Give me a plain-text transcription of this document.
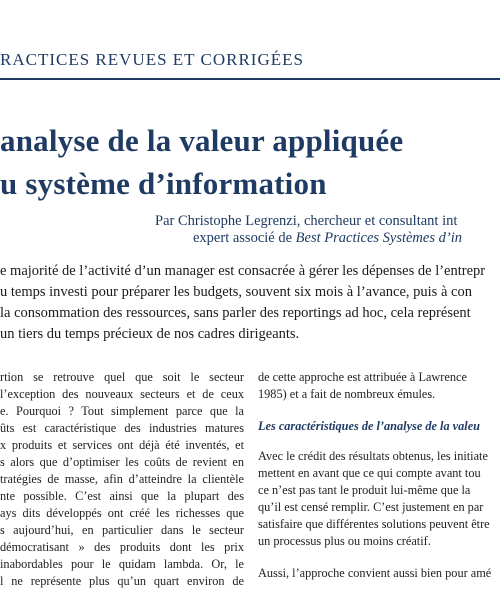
RACTICES REVUES ET CORRIGÉES
analyse de la valeur appliquée
u système d’information
Par Christophe Legrenzi, chercheur et consultant int
expert associé de Best Practices Systèmes d’in
e majorité de l’activité d’un manager est consacrée à gérer les dépenses de l’entrepr
u temps investi pour préparer les budgets, souvent six mois à l’avance, puis à con
la consommation des ressources, sans parler des reportings ad hoc, cela représent
un tiers du temps précieux de nos cadres dirigeants.
rtion se retrouve quel que soit le secteur
l’exception des nouveaux secteurs et de ceux
e. Pourquoi ? Tout simplement parce que la
ûts est caractéristique des industries matures
x produits et services ont déjà été inventés, et
s alors que d’optimiser les coûts de revient en
tratégies de masse, afin d’atteindre la clientèle
nte possible. C’est ainsi que la plupart des
ays dits développés ont créé les richesses que
s aujourd’hui, en particulier dans le secteur
démocratisant » des produits dont les prix
inabordables pour le quidam lambda. Or, le
l ne représente plus qu’un quart environ de
de cette approche est attribuée à Lawrence
1985) et a fait de nombreux émules.
Les caractéristiques de l’analyse de la valeu
Avec le crédit des résultats obtenus, les initiate
mettent en avant que ce qui compte avant tou
ce n’est pas tant le produit lui-même que la
qu’il est censé remplir. C’est justement en par
satisfaire que différentes solutions peuvent être
un processus plus ou moins créatif.
Aussi, l’approche convient aussi bien pour amé
